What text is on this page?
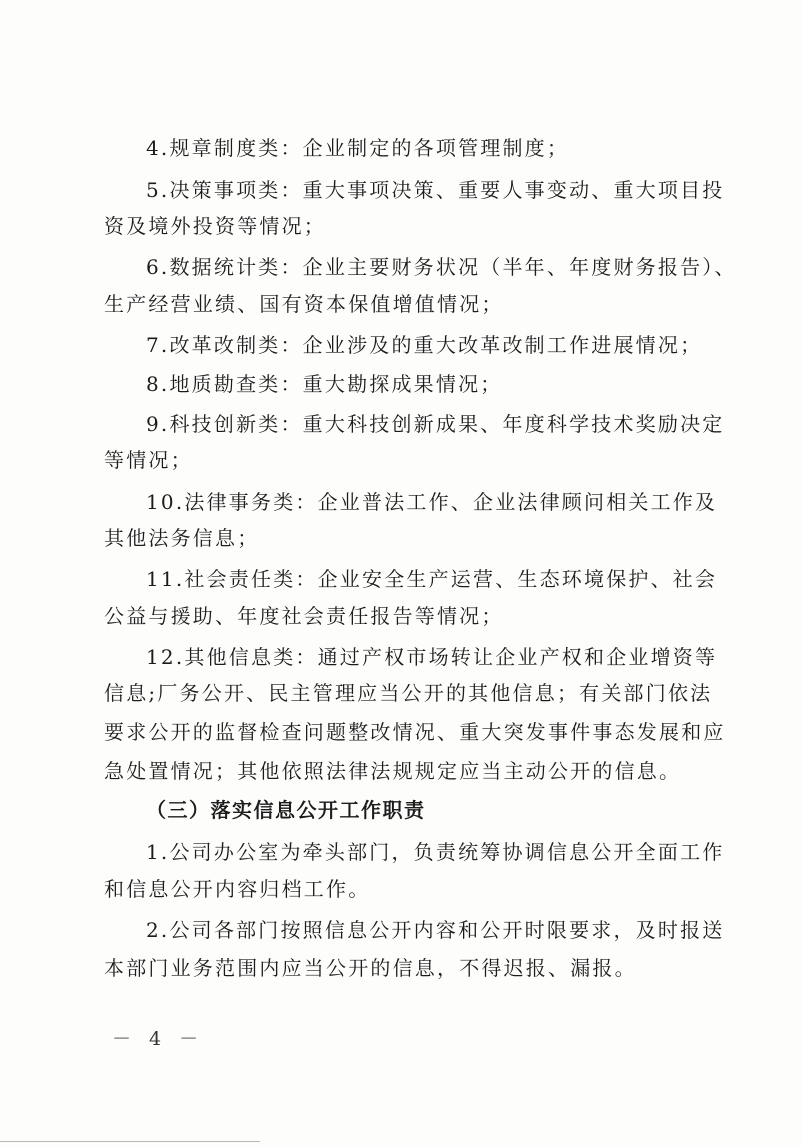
4.规章制度类：企业制定的各项管理制度；
5.决策事项类：重大事项决策、重要人事变动、重大项目投
资及境外投资等情况；
6.数据统计类：企业主要财务状况（半年、年度财务报告）、
生产经营业绩、国有资本保值增值情况；
7.改革改制类：企业涉及的重大改革改制工作进展情况；
8.地质勘查类：重大勘探成果情况；
9.科技创新类：重大科技创新成果、年度科学技术奖励决定
等情况；
10.法律事务类：企业普法工作、企业法律顾问相关工作及
其他法务信息；
11.社会责任类：企业安全生产运营、生态环境保护、社会
公益与援助、年度社会责任报告等情况；
12.其他信息类：通过产权市场转让企业产权和企业增资等
信息;厂务公开、民主管理应当公开的其他信息；有关部门依法
要求公开的监督检查问题整改情况、重大突发事件事态发展和应
急处置情况；其他依照法律法规规定应当主动公开的信息。
（三）落实信息公开工作职责
1.公司办公室为牵头部门，负责统筹协调信息公开全面工作
和信息公开内容归档工作。
2.公司各部门按照信息公开内容和公开时限要求，及时报送
本部门业务范围内应当公开的信息，不得迟报、漏报。
－ 4 －
